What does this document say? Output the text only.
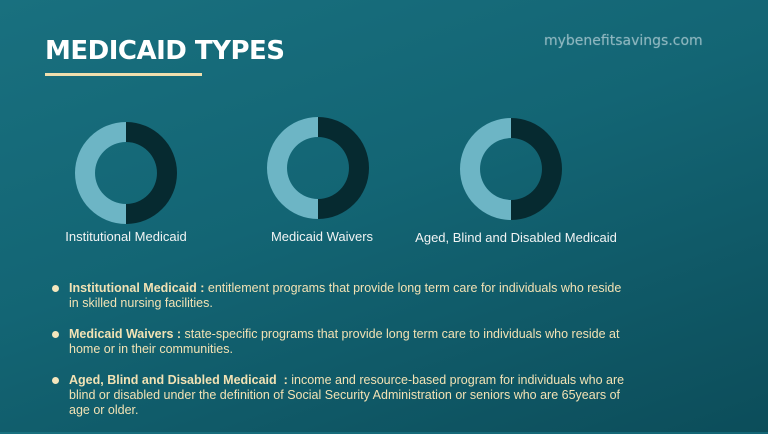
MEDICAID TYPES	mybenefitsavings.com
Institutional Medicaid	Medicaid Waivers	Aged, Blind and Disabled Medicaid
Institutional Medicaid : entitlement programs that provide long term care for individuals who reside in skilled nursing facilities.
Medicaid Waivers : state-specific programs that provide long term care to individuals who reside at home or in their communities.
Aged, Blind and Disabled Medicaid  : income and resource-based program for individuals who are blind or disabled under the definition of Social Security Administration or seniors who are 65years of age or older.
